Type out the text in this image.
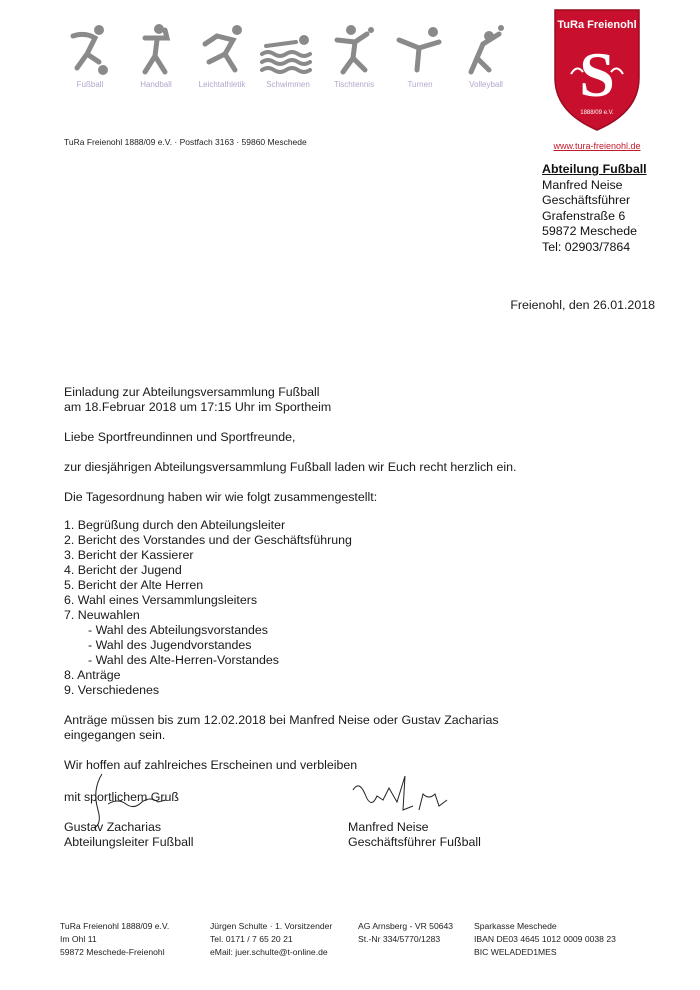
Fußball	Handball	Leichtathletik	Schwimmen	Tischtennis	Turnen	Volleyball
TuRa Freienohl
S
1888/09 e.V.
www.tura-freienohl.de
TuRa Freienohl 1888/09 e.V. · Postfach 3163 · 59860 Meschede
Abteilung Fußball
Manfred Neise
Geschäftsführer
Grafenstraße 6
59872 Meschede
Tel: 02903/7864
Freienohl, den 26.01.2018

Einladung zur Abteilungsversammlung Fußball

am 18.Februar 2018 um 17:15 Uhr im Sportheim

Liebe Sportfreundinnen und Sportfreunde,
zur diesjährigen Abteilungsversammlung Fußball laden wir Euch recht herzlich ein.
Die Tagesordnung haben wir wie folgt zusammengestellt:
1. Begrüßung durch den Abteilungsleiter
2. Bericht des Vorstandes und der Geschäftsführung
3. Bericht der Kassierer
4. Bericht der Jugend
5. Bericht der Alte Herren
6. Wahl eines Versammlungsleiters
7. Neuwahlen
- Wahl des Abteilungsvorstandes
- Wahl des Jugendvorstandes
- Wahl des Alte-Herren-Vorstandes
8. Anträge
9. Verschiedenes

Anträge müssen bis zum 12.02.2018 bei Manfred Neise oder Gustav Zacharias

eingegangen sein.

Wir hoffen auf zahlreiches Erscheinen und verbleiben
mit sportlichem Gruß
Gustav Zacharias
Abteilungsleiter Fußball
Manfred Neise
Geschäftsführer Fußball
TuRa Freienohl 1888/09 e.V.
Im Ohl 11
59872 Meschede-Freienohl
Jürgen Schulte · 1. Vorsitzender
Tel. 0171 / 7 65 20 21
eMail: juer.schulte@t-online.de
AG Arnsberg - VR 50643
St.-Nr 334/5770/1283
Sparkasse Meschede
IBAN DE03 4645 1012 0009 0038 23
BIC WELADED1MES
